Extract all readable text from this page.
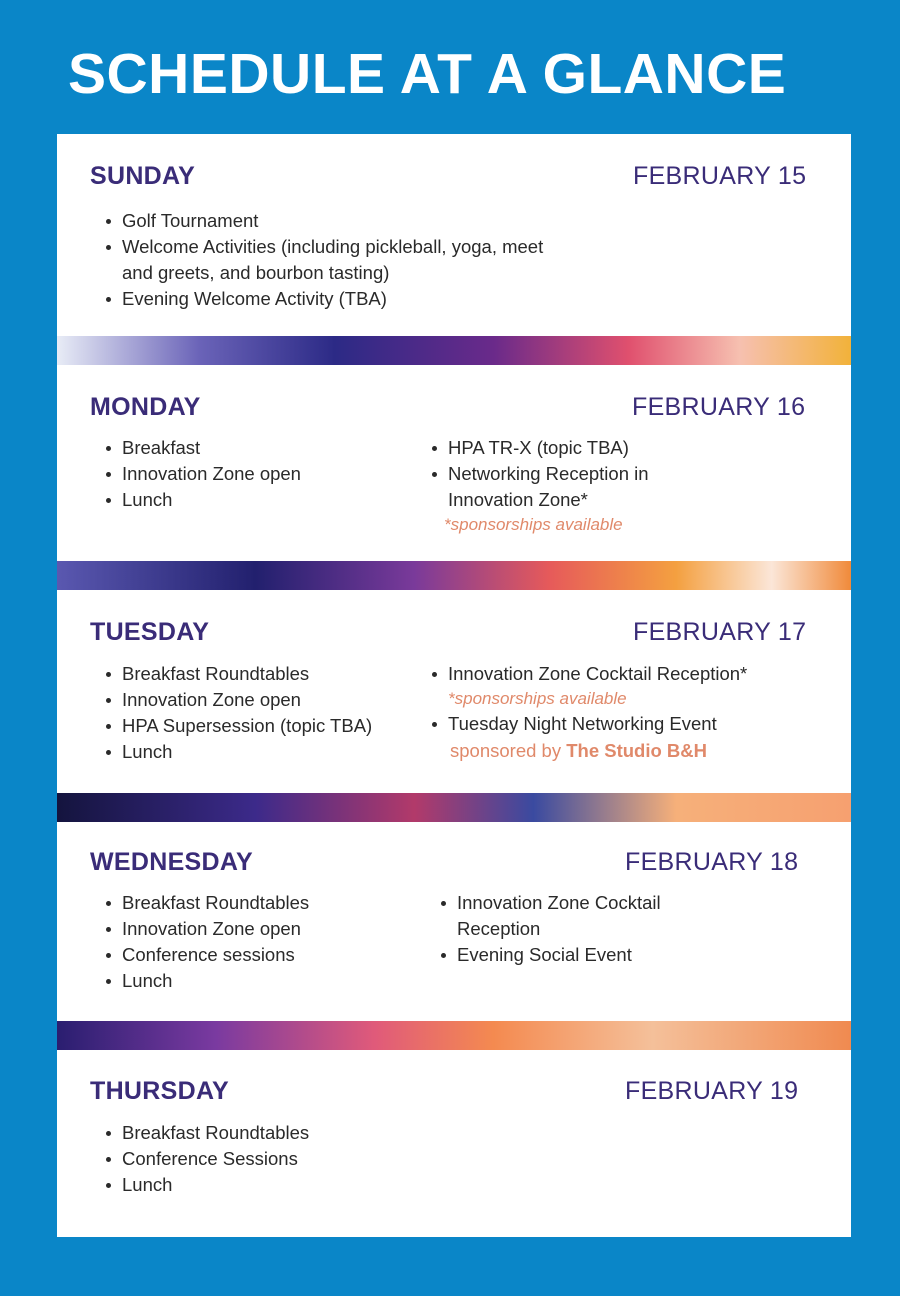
SCHEDULE AT A GLANCE
SUNDAY	FEBRUARY 15
Golf Tournament
Welcome Activities (including pickleball, yoga, meet and greets, and bourbon tasting)
Evening Welcome Activity (TBA)
MONDAY	FEBRUARY 16
Breakfast
Innovation Zone open
Lunch
HPA TR-X (topic TBA)
Networking Reception in Innovation Zone*
*sponsorships available
TUESDAY	FEBRUARY 17
Breakfast Roundtables
Innovation Zone open
HPA Supersession (topic TBA)
Lunch
Innovation Zone Cocktail Reception*
Tuesday Night Networking Event
*sponsorships available
sponsored by The Studio B&H
WEDNESDAY	FEBRUARY 18
Breakfast Roundtables
Innovation Zone open
Conference sessions
Lunch
Innovation Zone Cocktail Reception
Evening Social Event
THURSDAY	FEBRUARY 19
Breakfast Roundtables
Conference Sessions
Lunch
